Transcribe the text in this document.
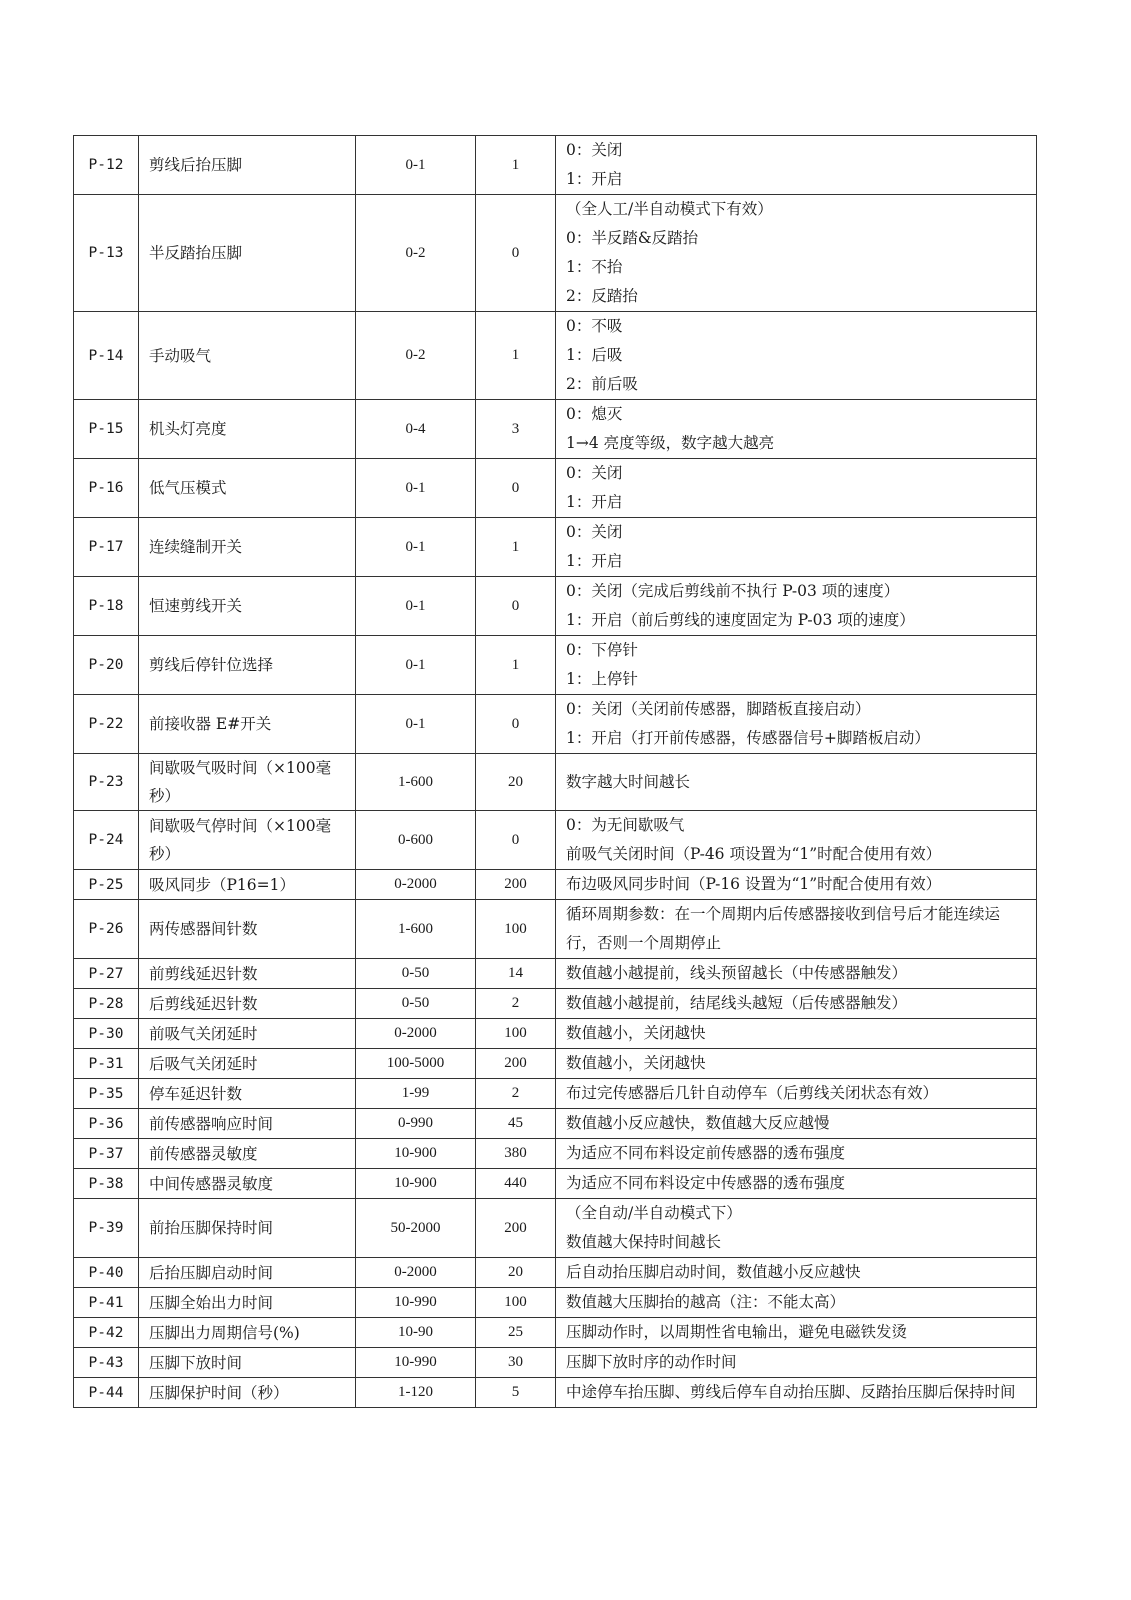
P-12	剪线后抬压脚	0-1	1	0：关闭
1：开启

P-13	半反踏抬压脚	0-2	0	（全人工/半自动模式下有效）
0：半反踏&反踏抬
1：不抬
2：反踏抬

P-14	手动吸气	0-2	1	0：不吸
1：后吸
2：前后吸

P-15	机头灯亮度	0-4	3	0：熄灭
1→4 亮度等级，数字越大越亮

P-16	低气压模式	0-1	0	0：关闭
1：开启

P-17	连续缝制开关	0-1	1	0：关闭
1：开启

P-18	恒速剪线开关	0-1	0	0：关闭（完成后剪线前不执行 P-03 项的速度）
1：开启（前后剪线的速度固定为 P-03 项的速度）

P-20	剪线后停针位选择	0-1	1	0：下停针
1：上停针

P-22	前接收器 E#开关	0-1	0	0：关闭（关闭前传感器，脚踏板直接启动）
1：开启（打开前传感器，传感器信号+脚踏板启动）

P-23	间歇吸气吸时间（×100毫秒）	1-600	20	数字越大时间越长

P-24	间歇吸气停时间（×100毫秒）	0-600	0	0：为无间歇吸气
前吸气关闭时间（P-46 项设置为“1”时配合使用有效）

P-25	吸风同步（P16=1）	0-2000	200	布边吸风同步时间（P-16 设置为“1”时配合使用有效）

P-26	两传感器间针数	1-600	100	循环周期参数：在一个周期内后传感器接收到信号后才能连续运行，否则一个周期停止

P-27	前剪线延迟针数	0-50	14	数值越小越提前，线头预留越长（中传感器触发）

P-28	后剪线延迟针数	0-50	2	数值越小越提前，结尾线头越短（后传感器触发）

P-30	前吸气关闭延时	0-2000	100	数值越小，关闭越快

P-31	后吸气关闭延时	100-5000	200	数值越小，关闭越快

P-35	停车延迟针数	1-99	2	布过完传感器后几针自动停车（后剪线关闭状态有效）

P-36	前传感器响应时间	0-990	45	数值越小反应越快，数值越大反应越慢

P-37	前传感器灵敏度	10-900	380	为适应不同布料设定前传感器的透布强度

P-38	中间传感器灵敏度	10-900	440	为适应不同布料设定中传感器的透布强度

P-39	前抬压脚保持时间	50-2000	200	（全自动/半自动模式下）
数值越大保持时间越长

P-40	后抬压脚启动时间	0-2000	20	后自动抬压脚启动时间，数值越小反应越快

P-41	压脚全始出力时间	10-990	100	数值越大压脚抬的越高（注：不能太高）

P-42	压脚出力周期信号(%)	10-90	25	压脚动作时，以周期性省电输出，避免电磁铁发烫

P-43	压脚下放时间	10-990	30	压脚下放时序的动作时间

P-44	压脚保护时间（秒）	1-120	5	中途停车抬压脚、剪线后停车自动抬压脚、反踏抬压脚后保持时间
